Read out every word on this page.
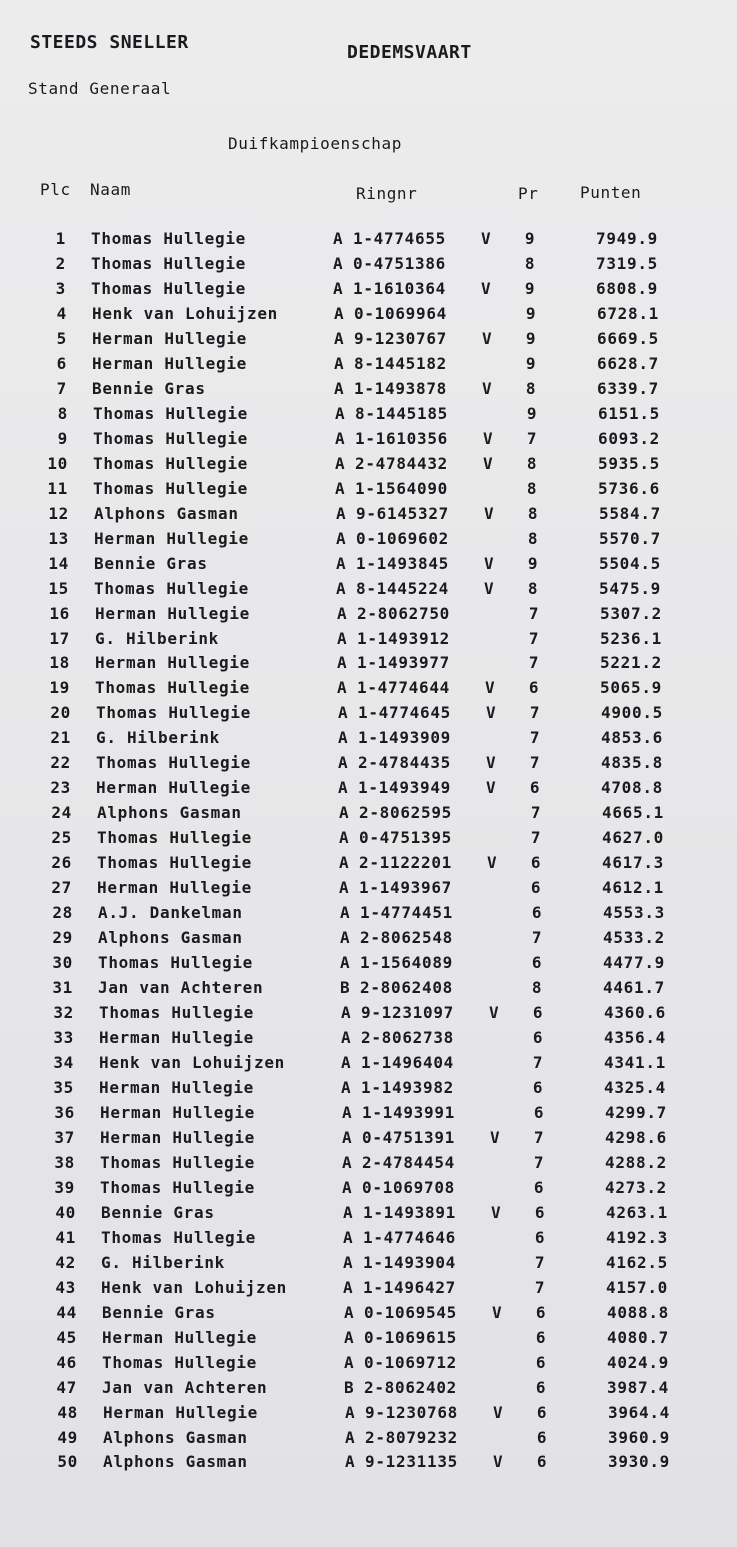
STEEDS SNELLER	DEDEMSVAART
Stand Generaal
Duifkampioenschap
Plc Naam	Ringnr	Pr	Punten
1 Thomas Hullegie	A 1-4774655 V	9	7949.9
2 Thomas Hullegie	A 0-4751386	8	7319.5
3 Thomas Hullegie	A 1-1610364 V	9	6808.9
4 Henk van Lohuijzen	A 0-1069964	9	6728.1
5 Herman Hullegie	A 9-1230767 V	9	6669.5
6 Herman Hullegie	A 8-1445182	9	6628.7
7 Bennie Gras	A 1-1493878 V	8	6339.7
8 Thomas Hullegie	A 8-1445185	9	6151.5
9 Thomas Hullegie	A 1-1610356 V	7	6093.2
10 Thomas Hullegie	A 2-4784432 V	8	5935.5
11 Thomas Hullegie	A 1-1564090	8	5736.6
12 Alphons Gasman	A 9-6145327 V	8	5584.7
13 Herman Hullegie	A 0-1069602	8	5570.7
14 Bennie Gras	A 1-1493845 V	9	5504.5
15 Thomas Hullegie	A 8-1445224 V	8	5475.9
16 Herman Hullegie	A 2-8062750	7	5307.2
17 G. Hilberink	A 1-1493912	7	5236.1
18 Herman Hullegie	A 1-1493977	7	5221.2
19 Thomas Hullegie	A 1-4774644 V	6	5065.9
20 Thomas Hullegie	A 1-4774645 V	7	4900.5
21 G. Hilberink	A 1-1493909	7	4853.6
22 Thomas Hullegie	A 2-4784435 V	7	4835.8
23 Herman Hullegie	A 1-1493949 V	6	4708.8
24 Alphons Gasman	A 2-8062595	7	4665.1
25 Thomas Hullegie	A 0-4751395	7	4627.0
26 Thomas Hullegie	A 2-1122201 V	6	4617.3
27 Herman Hullegie	A 1-1493967	6	4612.1
28 A.J. Dankelman	A 1-4774451	6	4553.3
29 Alphons Gasman	A 2-8062548	7	4533.2
30 Thomas Hullegie	A 1-1564089	6	4477.9
31 Jan van Achteren	B 2-8062408	8	4461.7
32 Thomas Hullegie	A 9-1231097 V	6	4360.6
33 Herman Hullegie	A 2-8062738	6	4356.4
34 Henk van Lohuijzen	A 1-1496404	7	4341.1
35 Herman Hullegie	A 1-1493982	6	4325.4
36 Herman Hullegie	A 1-1493991	6	4299.7
37 Herman Hullegie	A 0-4751391 V	7	4298.6
38 Thomas Hullegie	A 2-4784454	7	4288.2
39 Thomas Hullegie	A 0-1069708	6	4273.2
40 Bennie Gras	A 1-1493891 V	6	4263.1
41 Thomas Hullegie	A 1-4774646	6	4192.3
42 G. Hilberink	A 1-1493904	7	4162.5
43 Henk van Lohuijzen	A 1-1496427	7	4157.0
44 Bennie Gras	A 0-1069545 V	6	4088.8
45 Herman Hullegie	A 0-1069615	6	4080.7
46 Thomas Hullegie	A 0-1069712	6	4024.9
47 Jan van Achteren	B 2-8062402	6	3987.4
48 Herman Hullegie	A 9-1230768 V	6	3964.4
49 Alphons Gasman	A 2-8079232	6	3960.9
50 Alphons Gasman	A 9-1231135 V	6	3930.9
